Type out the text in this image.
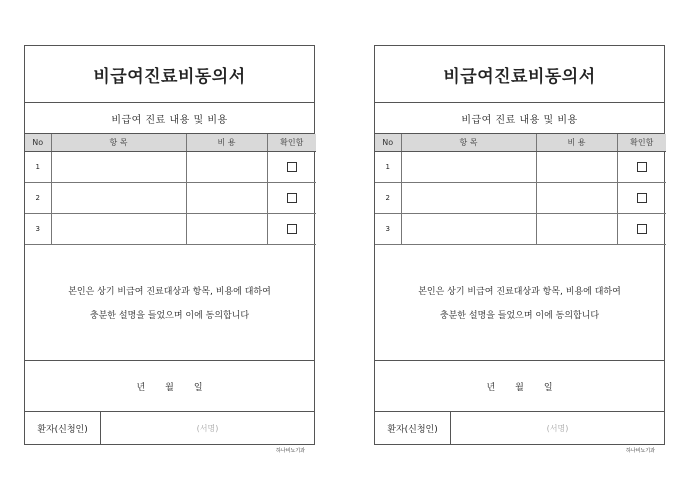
비급여진료비동의서
비급여 진료 내용 및 비용
No	항 목	비 용	확인함
1			
2			
3			
본인은 상기 비급여 진료대상과 항목, 비용에 대하여
충분한 설명을 들었으며 이에 동의합니다
년 월 일
환자(신청인)	(서명)
하나비뇨기과
비급여진료비동의서
비급여 진료 내용 및 비용
No	항 목	비 용	확인함
1			
2			
3			
본인은 상기 비급여 진료대상과 항목, 비용에 대하여
충분한 설명을 들었으며 이에 동의합니다
년 월 일
환자(신청인)	(서명)
하나비뇨기과
